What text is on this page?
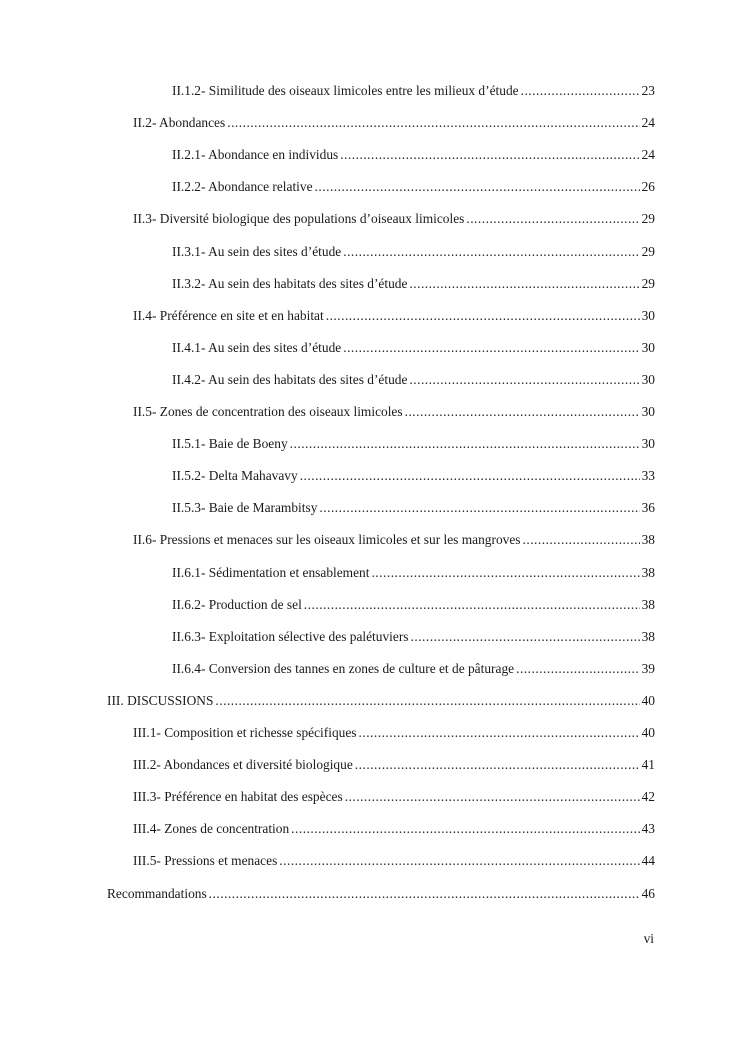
II.1.2- Similitude des oiseaux limicoles entre les milieux d’étude .....	23
II.2- Abondances .....	24
II.2.1- Abondance en individus .....	24
II.2.2- Abondance relative .....	26
II.3- Diversité biologique des populations d’oiseaux limicoles .....	29
II.3.1- Au sein des sites d’étude .....	29
II.3.2- Au sein des habitats des sites d’étude .....	29
II.4- Préférence en site et en habitat .....	30
II.4.1- Au sein des sites d’étude .....	30
II.4.2- Au sein des habitats des sites d’étude .....	30
II.5- Zones de concentration des oiseaux limicoles .....	30
II.5.1- Baie de Boeny .....	30
II.5.2- Delta Mahavavy .....	33
II.5.3- Baie de Marambitsy .....	36
II.6- Pressions et menaces sur les oiseaux limicoles et sur les mangroves .....	38
II.6.1- Sédimentation et ensablement .....	38
II.6.2- Production de sel .....	38
II.6.3- Exploitation sélective des palétuviers .....	38
II.6.4- Conversion des tannes en zones de culture et de pâturage .....	39
III. DISCUSSIONS .....	40
III.1- Composition et richesse spécifiques .....	40
III.2- Abondances et diversité biologique .....	41
III.3- Préférence en habitat des espèces .....	42
III.4- Zones de concentration .....	43
III.5- Pressions et menaces .....	44
Recommandations .....	46
vi
